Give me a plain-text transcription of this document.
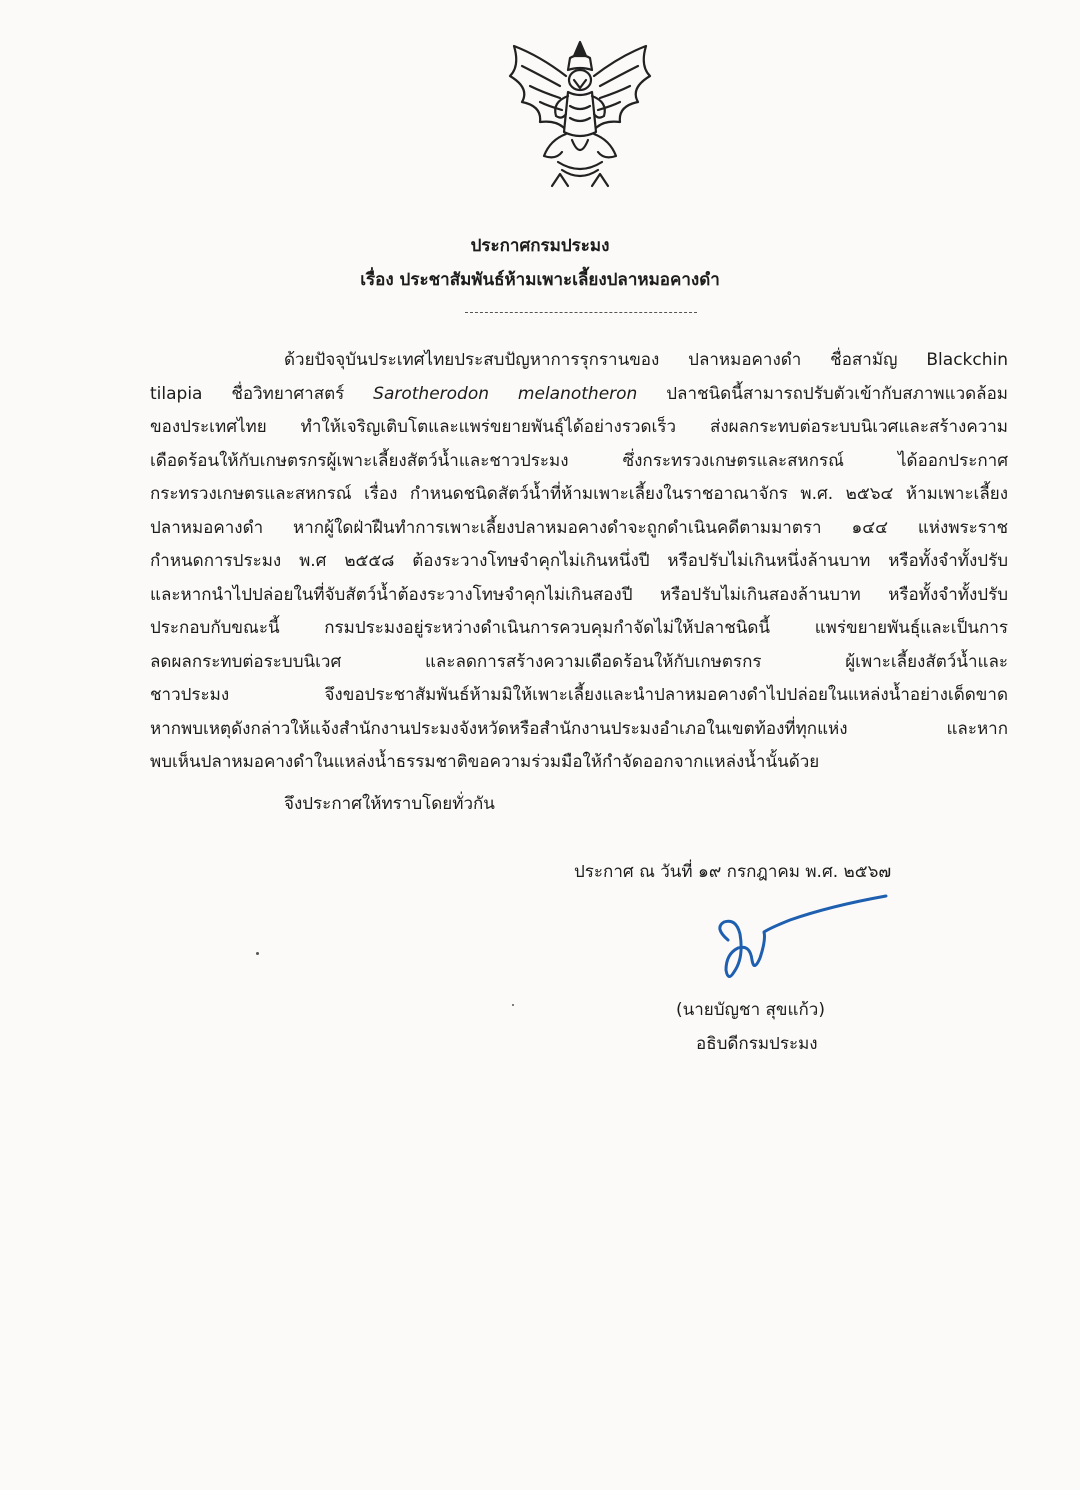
ประกาศกรมประมง
เรื่อง ประชาสัมพันธ์ห้ามเพาะเลี้ยงปลาหมอคางดำ
ด้วยปัจจุบันประเทศไทยประสบปัญหาการรุกรานของ ปลาหมอคางดำ ชื่อสามัญ Blackchin
tilapia ชื่อวิทยาศาสตร์ Sarotherodon melanotheron ปลาชนิดนี้สามารถปรับตัวเข้ากับสภาพแวดล้อม
ของประเทศไทย ทำให้เจริญเติบโตและแพร่ขยายพันธุ์ได้อย่างรวดเร็ว ส่งผลกระทบต่อระบบนิเวศและสร้างความ
เดือดร้อนให้กับเกษตรกรผู้เพาะเลี้ยงสัตว์น้ำและชาวประมง ซึ่งกระทรวงเกษตรและสหกรณ์ ได้ออกประกาศ
กระทรวงเกษตรและสหกรณ์ เรื่อง กำหนดชนิดสัตว์น้ำที่ห้ามเพาะเลี้ยงในราชอาณาจักร พ.ศ. ๒๕๖๔ ห้ามเพาะเลี้ยง
ปลาหมอคางดำ หากผู้ใดฝ่าฝืนทำการเพาะเลี้ยงปลาหมอคางดำจะถูกดำเนินคดีตามมาตรา ๑๔๔ แห่งพระราช
กำหนดการประมง พ.ศ ๒๕๕๘ ต้องระวางโทษจำคุกไม่เกินหนึ่งปี หรือปรับไม่เกินหนึ่งล้านบาท หรือทั้งจำทั้งปรับ
และหากนำไปปล่อยในที่จับสัตว์น้ำต้องระวางโทษจำคุกไม่เกินสองปี หรือปรับไม่เกินสองล้านบาท หรือทั้งจำทั้งปรับ
ประกอบกับขณะนี้ กรมประมงอยู่ระหว่างดำเนินการควบคุมกำจัดไม่ให้ปลาชนิดนี้ แพร่ขยายพันธุ์และเป็นการ
ลดผลกระทบต่อระบบนิเวศ และลดการสร้างความเดือดร้อนให้กับเกษตรกร ผู้เพาะเลี้ยงสัตว์น้ำและ
ชาวประมง จึงขอประชาสัมพันธ์ห้ามมิให้เพาะเลี้ยงและนำปลาหมอคางดำไปปล่อยในแหล่งน้ำอย่างเด็ดขาด
หากพบเหตุดังกล่าวให้แจ้งสำนักงานประมงจังหวัดหรือสำนักงานประมงอำเภอในเขตท้องที่ทุกแห่ง และหาก
พบเห็นปลาหมอคางดำในแหล่งน้ำธรรมชาติขอความร่วมมือให้กำจัดออกจากแหล่งน้ำนั้นด้วย
จึงประกาศให้ทราบโดยทั่วกัน
ประกาศ ณ วันที่ ๑๙ กรกฎาคม พ.ศ. ๒๕๖๗
(นายบัญชา สุขแก้ว)
อธิบดีกรมประมง
